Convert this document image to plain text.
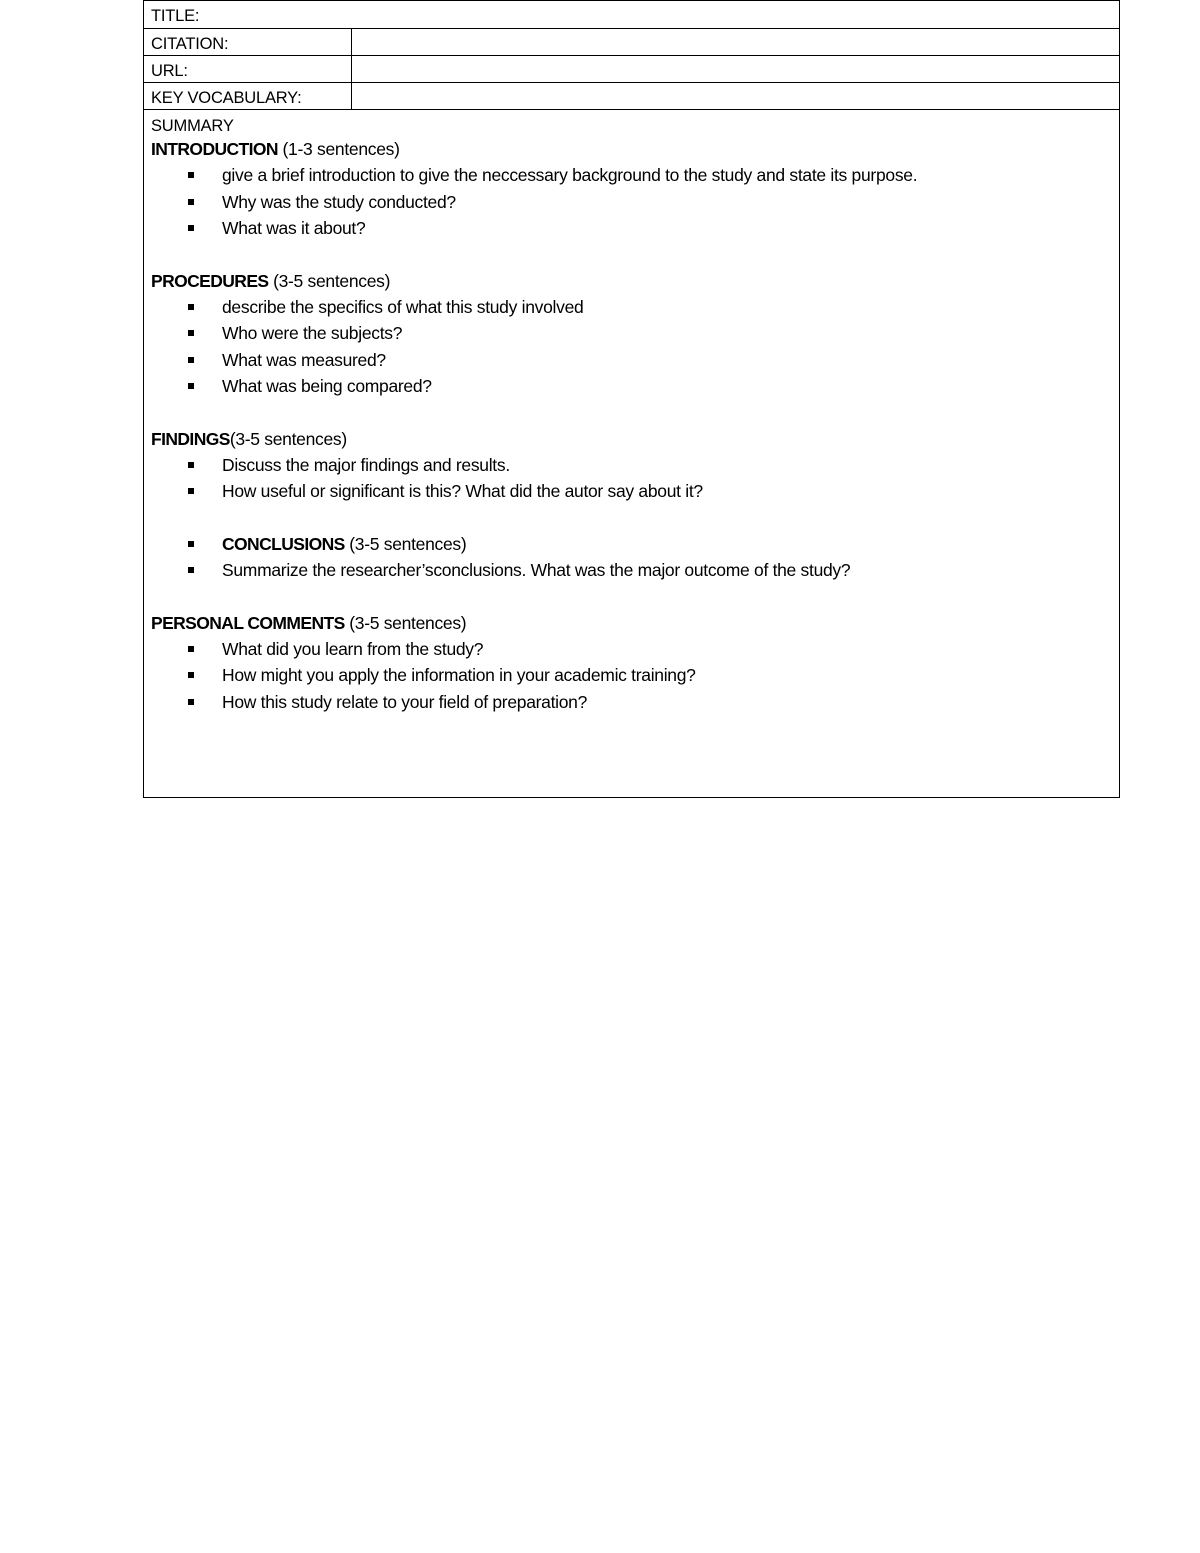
TITLE:
CITATION:
URL:
KEY VOCABULARY:
SUMMARY
INTRODUCTION (1-3 sentences)
give a brief introduction to give the neccessary background to the study and state its purpose.
Why was the study conducted?
What was it about?
PROCEDURES (3-5 sentences)
describe the specifics of what this study involved
Who were the subjects?
What was measured?
What was being compared?
FINDINGS(3-5 sentences)
Discuss the major findings and results.
How useful or significant is this? What did the autor say about it?
CONCLUSIONS (3-5 sentences)
Summarize the researcher’sconclusions. What was the major outcome of the study?
PERSONAL COMMENTS (3-5 sentences)
What did you learn from the study?
How might you apply the information in your academic training?
How this study relate to your field of preparation?
